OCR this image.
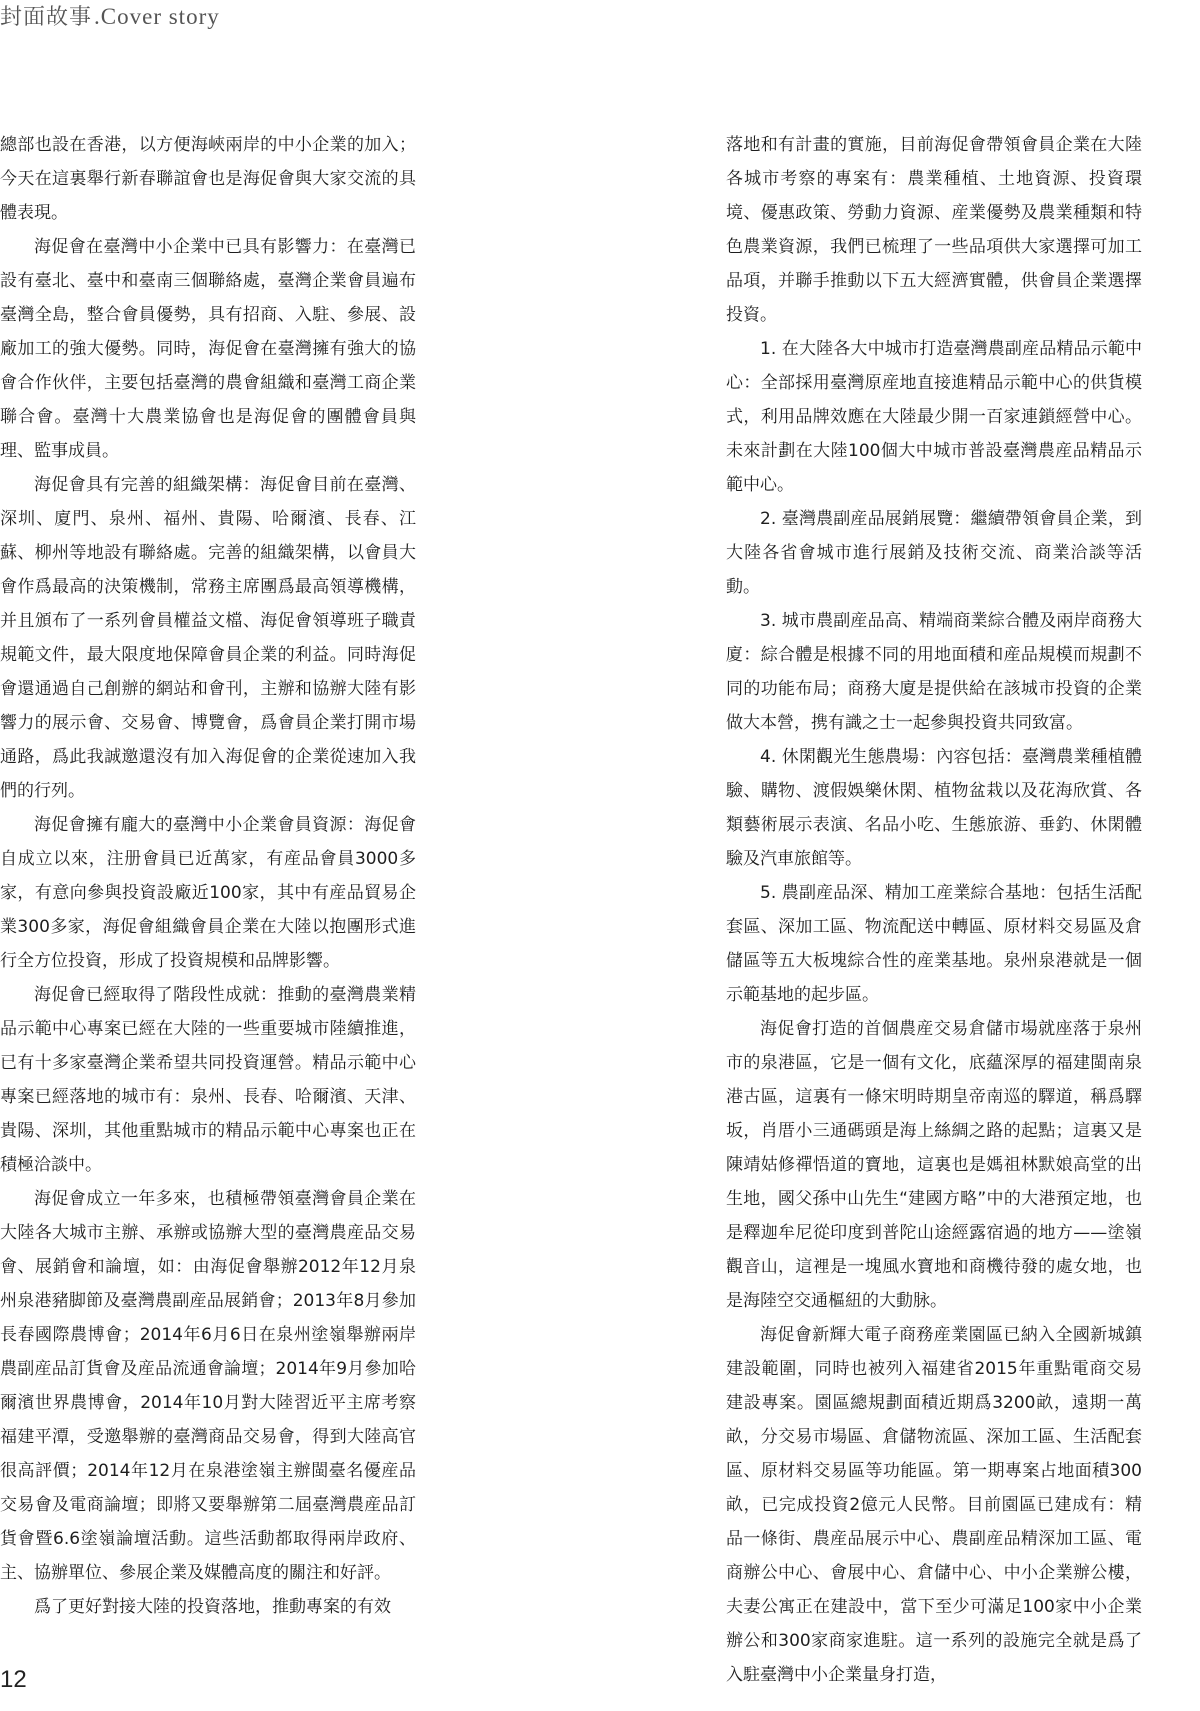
封面故事.Cover story

總部也設在香港，以方便海峽兩岸的中小企業的加入；今天在這裏舉行新春聯誼會也是海促會與大家交流的具體表現。

海促會在臺灣中小企業中已具有影響力：在臺灣已設有臺北、臺中和臺南三個聯絡處，臺灣企業會員遍布臺灣全島，整合會員優勢，具有招商、入駐、參展、設廠加工的強大優勢。同時，海促會在臺灣擁有強大的協會合作伙伴，主要包括臺灣的農會組織和臺灣工商企業聯合會。臺灣十大農業協會也是海促會的團體會員與理、監事成員。

海促會具有完善的組織架構：海促會目前在臺灣、深圳、廈門、泉州、福州、貴陽、哈爾濱、長春、江蘇、柳州等地設有聯絡處。完善的組織架構，以會員大會作爲最高的決策機制，常務主席團爲最高領導機構，并且頒布了一系列會員權益文檔、海促會領導班子職責規範文件，最大限度地保障會員企業的利益。同時海促會還通過自己創辦的網站和會刊，主辦和協辦大陸有影響力的展示會、交易會、博覽會，爲會員企業打開市場通路，爲此我誠邀還沒有加入海促會的企業從速加入我們的行列。

海促會擁有龐大的臺灣中小企業會員資源：海促會自成立以來，注册會員已近萬家，有産品會員3000多家，有意向參與投資設廠近100家，其中有産品貿易企業300多家，海促會組織會員企業在大陸以抱團形式進行全方位投資，形成了投資規模和品牌影響。

海促會已經取得了階段性成就：推動的臺灣農業精品示範中心專案已經在大陸的一些重要城市陸續推進，已有十多家臺灣企業希望共同投資運營。精品示範中心專案已經落地的城市有：泉州、長春、哈爾濱、天津、貴陽、深圳，其他重點城市的精品示範中心專案也正在積極洽談中。

海促會成立一年多來，也積極帶領臺灣會員企業在大陸各大城市主辦、承辦或協辦大型的臺灣農産品交易會、展銷會和論壇，如：由海促會舉辦2012年12月泉州泉港豬脚節及臺灣農副産品展銷會；2013年8月參加長春國際農博會；2014年6月6日在泉州塗嶺舉辦兩岸農副産品訂貨會及産品流通會論壇；2014年9月參加哈爾濱世界農博會，2014年10月對大陸習近平主席考察福建平潭，受邀舉辦的臺灣商品交易會，得到大陸高官很高評價；2014年12月在泉港塗嶺主辦閩臺名優産品交易會及電商論壇；即將又要舉辦第二屆臺灣農産品訂貨會暨6.6塗嶺論壇活動。這些活動都取得兩岸政府、主、協辦單位、參展企業及媒體高度的關注和好評。

爲了更好對接大陸的投資落地，推動專案的有效

落地和有計畫的實施，目前海促會帶領會員企業在大陸各城市考察的專案有：農業種植、土地資源、投資環境、優惠政策、勞動力資源、産業優勢及農業種類和特色農業資源，我們已梳理了一些品項供大家選擇可加工品項，并聯手推動以下五大經濟實體，供會員企業選擇投資。

1. 在大陸各大中城市打造臺灣農副産品精品示範中心：全部採用臺灣原産地直接進精品示範中心的供貨模式，利用品牌效應在大陸最少開一百家連鎖經營中心。未來計劃在大陸100個大中城市普設臺灣農産品精品示範中心。

2. 臺灣農副産品展銷展覽：繼續帶領會員企業，到大陸各省會城市進行展銷及技術交流、商業洽談等活動。

3. 城市農副産品高、精端商業綜合體及兩岸商務大廈：綜合體是根據不同的用地面積和産品規模而規劃不同的功能布局；商務大廈是提供給在該城市投資的企業做大本營，携有識之士一起參與投資共同致富。

4. 休閑觀光生態農場：內容包括：臺灣農業種植體驗、購物、渡假娛樂休閑、植物盆栽以及花海欣賞、各類藝術展示表演、名品小吃、生態旅游、垂釣、休閑體驗及汽車旅館等。

5. 農副産品深、精加工産業綜合基地：包括生活配套區、深加工區、物流配送中轉區、原材料交易區及倉儲區等五大板塊綜合性的産業基地。泉州泉港就是一個示範基地的起步區。

海促會打造的首個農産交易倉儲市場就座落于泉州市的泉港區，它是一個有文化，底蘊深厚的福建閩南泉港古區，這裏有一條宋明時期皇帝南巡的驛道，稱爲驛坂，肖厝小三通碼頭是海上絲綢之路的起點；這裏又是陳靖姑修禪悟道的寶地，這裏也是媽祖林默娘高堂的出生地，國父孫中山先生“建國方略”中的大港預定地，也是釋迦牟尼從印度到普陀山途經露宿過的地方——塗嶺觀音山，這裡是一塊風水寶地和商機待發的處女地，也是海陸空交通樞紐的大動脉。

海促會新輝大電子商務産業園區已納入全國新城鎮建設範圍，同時也被列入福建省2015年重點電商交易建設專案。園區總規劃面積近期爲3200畝，遠期一萬畝，分交易市場區、倉儲物流區、深加工區、生活配套區、原材料交易區等功能區。第一期專案占地面積300畝，已完成投資2億元人民幣。目前園區已建成有：精品一條街、農産品展示中心、農副産品精深加工區、電商辦公中心、會展中心、倉儲中心、中小企業辦公樓，夫妻公寓正在建設中，當下至少可滿足100家中小企業辦公和300家商家進駐。這一系列的設施完全就是爲了入駐臺灣中小企業量身打造，

12
